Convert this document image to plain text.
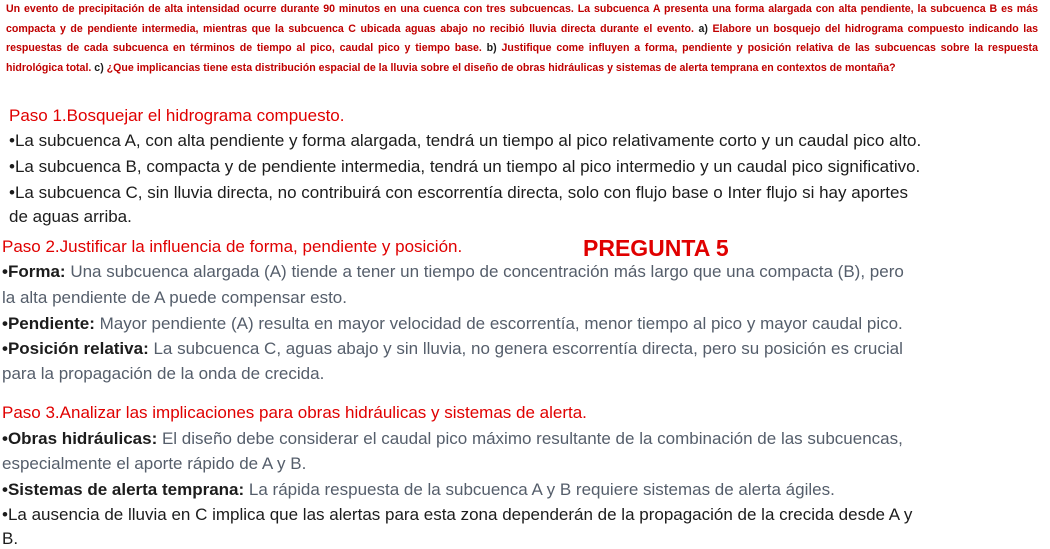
Un evento de precipitación de alta intensidad ocurre durante 90 minutos en una cuenca con tres subcuencas. La subcuenca A presenta una forma alargada con alta pendiente, la subcuenca B es más compacta y de pendiente intermedia, mientras que la subcuenca C ubicada aguas abajo no recibió lluvia directa durante el evento. a) Elabore un bosquejo del hidrograma compuesto indicando las respuestas de cada subcuenca en términos de tiempo al pico, caudal pico y tiempo base. b) Justifique come influyen a forma, pendiente y posición relativa de las subcuencas sobre la respuesta hidrológica total. c) ¿Que implicancias tiene esta distribución espacial de la lluvia sobre el diseño de obras hidráulicas y sistemas de alerta temprana en contextos de montaña?
Paso 1.Bosquejar el hidrograma compuesto.
•La subcuenca A, con alta pendiente y forma alargada, tendrá un tiempo al pico relativamente corto y un caudal pico alto.
•La subcuenca B, compacta y de pendiente intermedia, tendrá un tiempo al pico intermedio y un caudal pico significativo.
•La subcuenca C, sin lluvia directa, no contribuirá con escorrentía directa, solo con flujo base o Inter flujo si hay aportes
de aguas arriba.
Paso 2.Justificar la influencia de forma, pendiente y posición.	PREGUNTA 5
•Forma: Una subcuenca alargada (A) tiende a tener un tiempo de concentración más largo que una compacta (B), pero
la alta pendiente de A puede compensar esto.
•Pendiente: Mayor pendiente (A) resulta en mayor velocidad de escorrentía, menor tiempo al pico y mayor caudal pico.
•Posición relativa: La subcuenca C, aguas abajo y sin lluvia, no genera escorrentía directa, pero su posición es crucial
para la propagación de la onda de crecida.
Paso 3.Analizar las implicaciones para obras hidráulicas y sistemas de alerta.
•Obras hidráulicas: El diseño debe considerar el caudal pico máximo resultante de la combinación de las subcuencas,
especialmente el aporte rápido de A y B.
•Sistemas de alerta temprana: La rápida respuesta de la subcuenca A y B requiere sistemas de alerta ágiles.
•La ausencia de lluvia en C implica que las alertas para esta zona dependerán de la propagación de la crecida desde A y
B.
